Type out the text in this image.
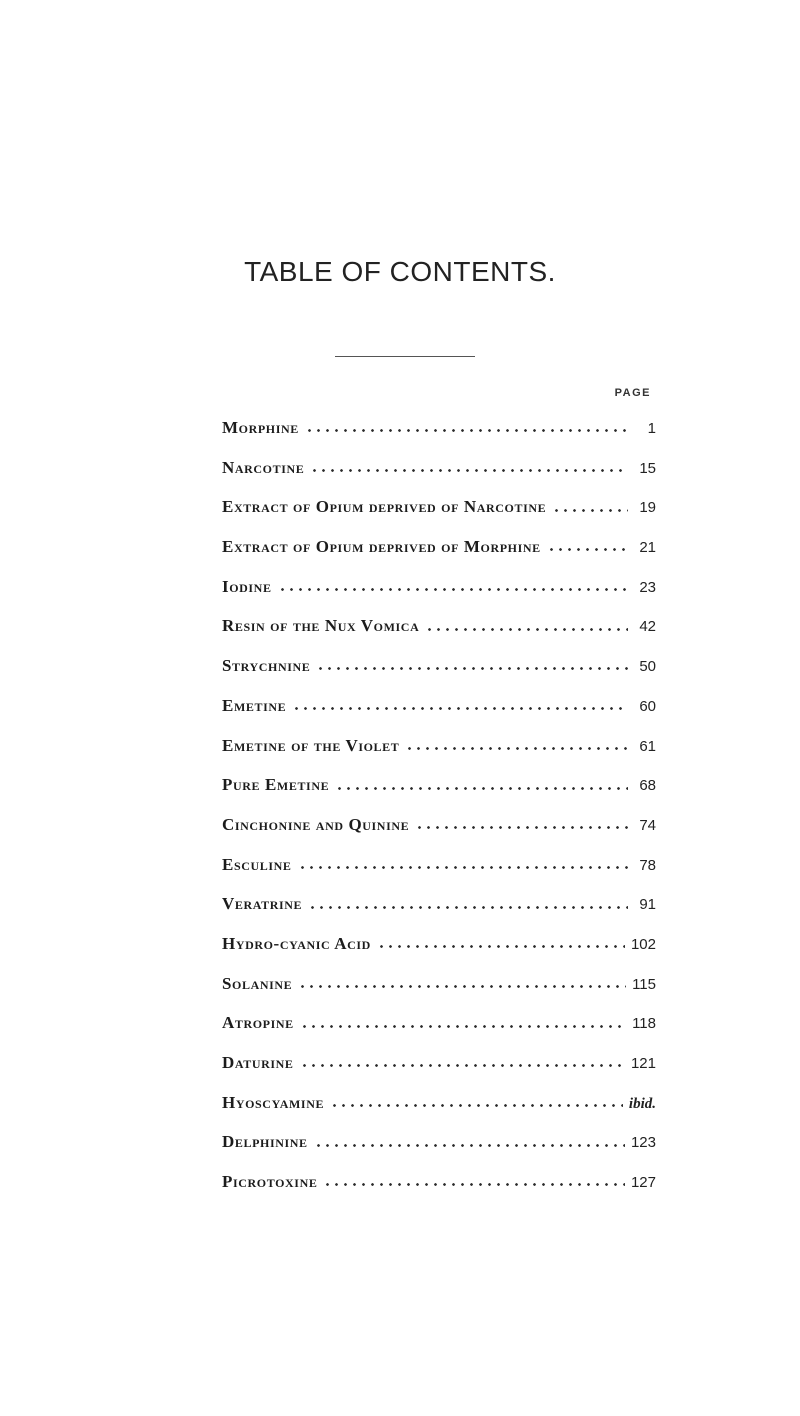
TABLE OF CONTENTS.
PAGE
Morphine	1
Narcotine	15
Extract of Opium deprived of Narcotine	19
Extract of Opium deprived of Morphine	21
Iodine	23
Resin of the Nux Vomica	42
Strychnine	50
Emetine	60
Emetine of the Violet	61
Pure Emetine	68
Cinchonine and Quinine	74
Esculine	78
Veratrine	91
Hydro-cyanic Acid	102
Solanine	115
Atropine	118
Daturine	121
Hyoscyamine	ibid.
Delphinine	123
Picrotoxine	127
